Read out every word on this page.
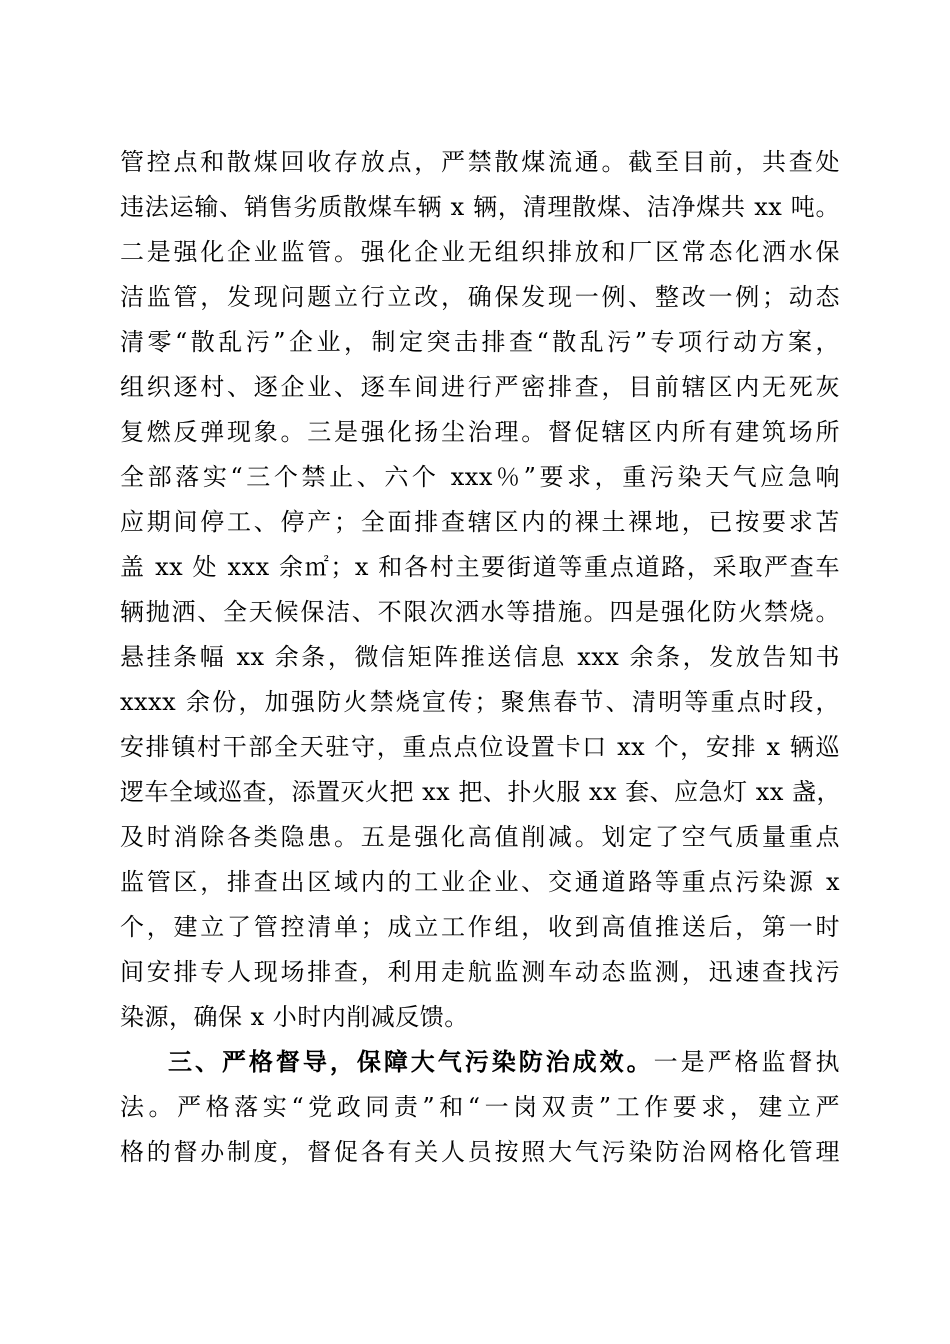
管控点和散煤回收存放点，严禁散煤流通。截至目前，共查处
违法运输、销售劣质散煤车辆 x 辆，清理散煤、洁净煤共 xx 吨。
二是强化企业监管。强化企业无组织排放和厂区常态化洒水保
洁监管，发现问题立行立改，确保发现一例、整改一例；动态
清零“散乱污”企业，制定突击排查“散乱污”专项行动方案，
组织逐村、逐企业、逐车间进行严密排查，目前辖区内无死灰
复燃反弹现象。三是强化扬尘治理。督促辖区内所有建筑场所
全部落实“三个禁止、六个 xxx％”要求，重污染天气应急响
应期间停工、停产；全面排查辖区内的裸土裸地，已按要求苫
盖 xx 处 xxx 余㎡；x 和各村主要街道等重点道路，采取严查车
辆抛洒、全天候保洁、不限次洒水等措施。四是强化防火禁烧。
悬挂条幅 xx 余条，微信矩阵推送信息 xxx 余条，发放告知书
xxxx 余份，加强防火禁烧宣传；聚焦春节、清明等重点时段，
安排镇村干部全天驻守，重点点位设置卡口 xx 个，安排 x 辆巡
逻车全域巡查，添置灭火把 xx 把、扑火服 xx 套、应急灯 xx 盏，
及时消除各类隐患。五是强化高值削减。划定了空气质量重点
监管区，排查出区域内的工业企业、交通道路等重点污染源 x
个，建立了管控清单；成立工作组，收到高值推送后，第一时
间安排专人现场排查，利用走航监测车动态监测，迅速查找污
染源，确保 x 小时内削减反馈。
三、严格督导，保障大气污染防治成效。一是严格监督执
法。严格落实“党政同责”和“一岗双责”工作要求，建立严
格的督办制度，督促各有关人员按照大气污染防治网格化管理
